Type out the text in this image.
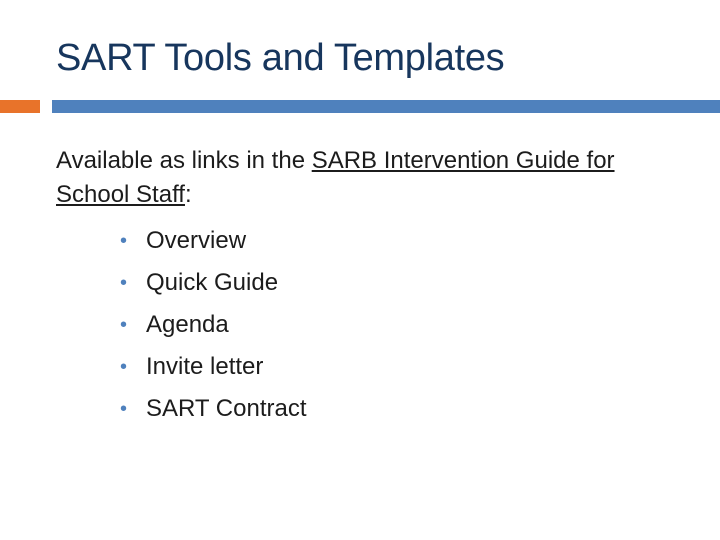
SART Tools and Templates
Available as links in the SARB Intervention Guide for School Staff:
• Overview
• Quick Guide
• Agenda
• Invite letter
• SART Contract
